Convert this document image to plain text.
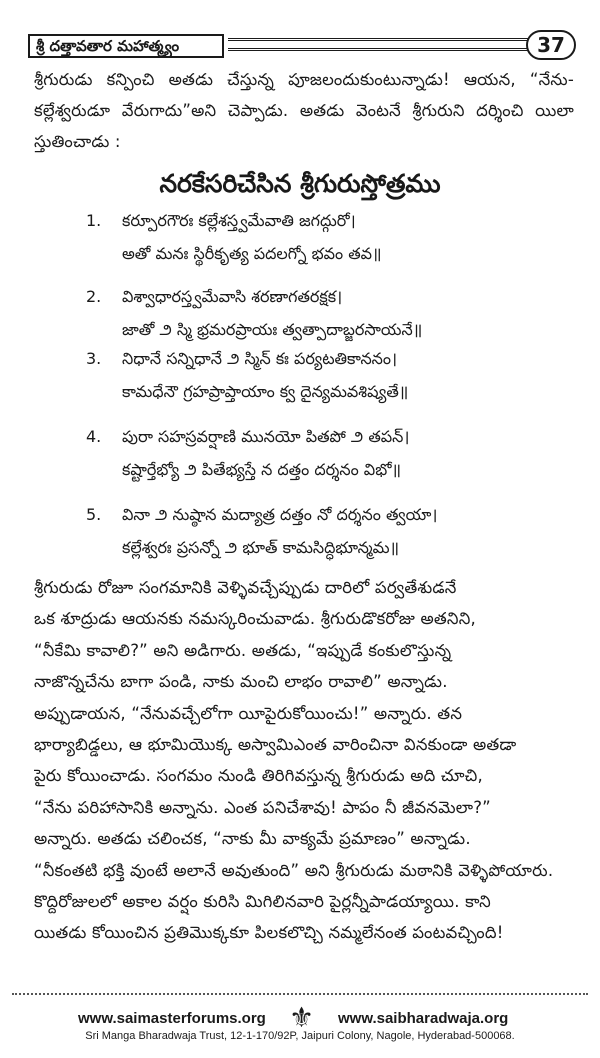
శ్రీ దత్తావతార మహాత్మ్యం	37
శ్రీగురుడు కన్పించి అతడు చేస్తున్న పూజలందుకుంటున్నాడు! ఆయన, “నేను- కల్లేశ్వరుడూ వేరుగాదు”అని చెప్పాడు. అతడు వెంటనే శ్రీగురుని దర్శించి యిలా స్తుతించాడు :
నరకేసరిచేసిన శ్రీగురుస్తోత్రము
1. కర్పూరగౌరః కల్లేశస్త్వమేవాతి జగద్గురో।
అతో మనః స్థిరీకృత్య పదలగ్నో భవం తవ॥
2. విశ్వాధారస్త్వమేవాసి శరణాగతరక్షక।
జాతో ౨ స్మి భ్రమరప్రాయః త్వత్పాదాబ్జరసాయనే॥
3. నిధానే సన్నిధానే ౨ స్మిన్ కః పర్యటతికాననం।
కామధేనౌ గ్రహప్రాప్తాయాం క్వ దైన్యమవశిష్యతే॥
4. పురా సహస్రవర్షాణి మునయో పితపో ౨ తపన్।
కష్టార్తేభ్యో ౨ పితేభ్యస్తే న దత్తం దర్శనం విభో॥
5. వినా ౨ నుష్ఠాన మద్యాత్ర దత్తం నో దర్శనం త్వయా।
కల్లేశ్వరః ప్రసన్నో ౨ భూత్ కామసిద్ధిభూన్మమ॥
శ్రీగురుడు రోజూ సంగమానికి వెళ్ళివచ్చేప్పుడు దారిలో పర్వతేశుడనే
ఒక శూద్రుడు ఆయనకు నమస్కరించువాడు. శ్రీగురుడొకరోజు అతనిని,
“నీకేమి కావాలి?” అని అడిగారు. అతడు, “ఇప్పుడే కంకులొస్తున్న
నాజొన్నచేను బాగా పండి, నాకు మంచి లాభం రావాలి” అన్నాడు.
అప్పుడాయన, “నేనువచ్చేలోగా యీపైరుకోయించు!” అన్నారు. తన
భార్యాబిడ్డలు, ఆ భూమియొక్క అస్వామిఎంత వారించినా వినకుండా అతడా
పైరు కోయించాడు. సంగమం నుండి తిరిగివస్తున్న శ్రీగురుడు అది చూచి,
“నేను పరిహాసానికి అన్నాను. ఎంత పనిచేశావు! పాపం నీ జీవనమెలా?”
అన్నారు. అతడు చలించక, “నాకు మీ వాక్యమే ప్రమాణం” అన్నాడు.
“నీకంతటి భక్తి వుంటే అలానే అవుతుంది” అని శ్రీగురుడు మఠానికి వెళ్ళిపోయారు.
కొద్దిరోజులలో అకాల వర్షం కురిసి మిగిలినవారి పైర్లన్నీపాడయ్యాయి. కాని
యితడు కోయించిన ప్రతిమొక్కకూ పిలకలొచ్చి నమ్మలేనంత పంటవచ్చింది!
www.saimasterforums.org ⚜ www.saibharadwaja.org
Sri Manga Bharadwaja Trust, 12-1-170/92P, Jaipuri Colony, Nagole, Hyderabad-500068.
